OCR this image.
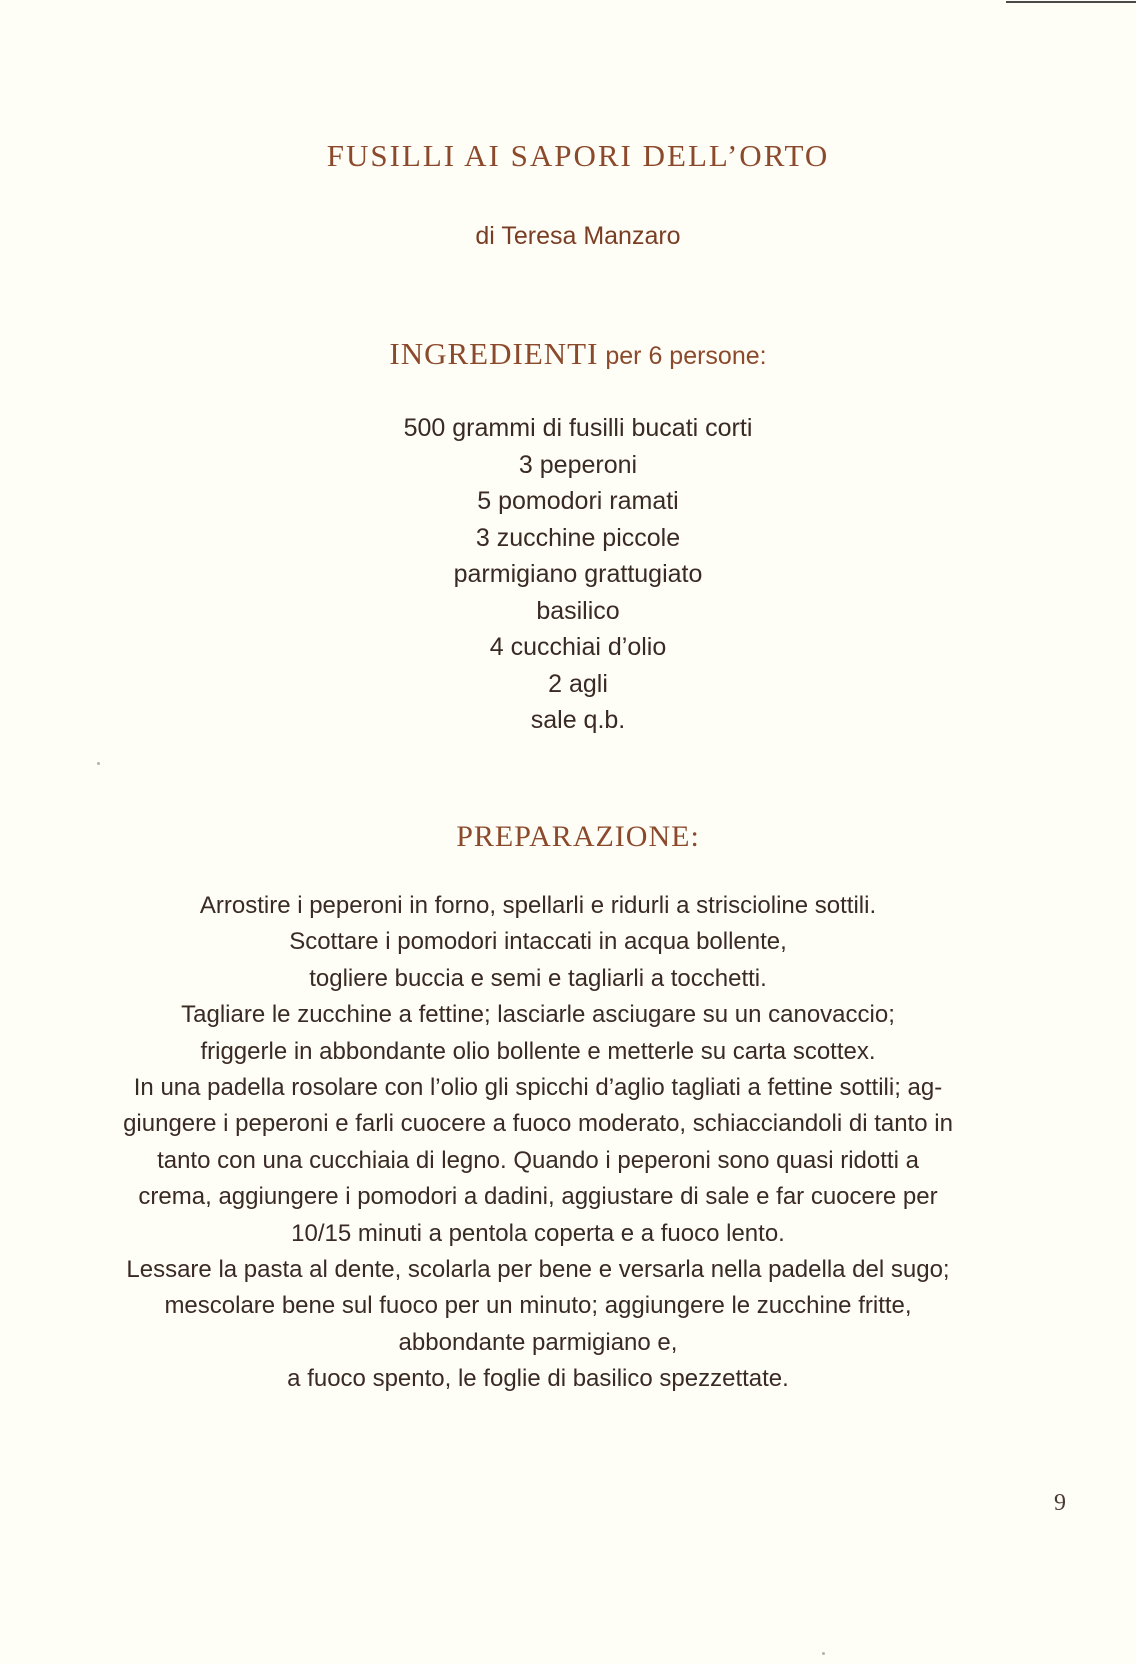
FUSILLI AI SAPORI DELL’ORTO
di Teresa Manzaro
INGREDIENTI per 6 persone:
500 grammi di fusilli bucati corti
3 peperoni
5 pomodori ramati
3 zucchine piccole
parmigiano grattugiato
basilico
4 cucchiai d’olio
2 agli
sale q.b.
PREPARAZIONE:
Arrostire i peperoni in forno, spellarli e ridurli a striscioline sottili.
Scottare i pomodori intaccati in acqua bollente,
togliere buccia e semi e tagliarli a tocchetti.
Tagliare le zucchine a fettine; lasciarle asciugare su un canovaccio;
friggerle in abbondante olio bollente e metterle su carta scottex.
In una padella rosolare con l’olio gli spicchi d’aglio tagliati a fettine sottili; ag-
giungere i peperoni e farli cuocere a fuoco moderato, schiacciandoli di tanto in
tanto con una cucchiaia di legno. Quando i peperoni sono quasi ridotti a
crema, aggiungere i pomodori a dadini, aggiustare di sale e far cuocere per
10/15 minuti a pentola coperta e a fuoco lento.
Lessare la pasta al dente, scolarla per bene e versarla nella padella del sugo;
mescolare bene sul fuoco per un minuto; aggiungere le zucchine fritte,
abbondante parmigiano e,
a fuoco spento, le foglie di basilico spezzettate.
9
